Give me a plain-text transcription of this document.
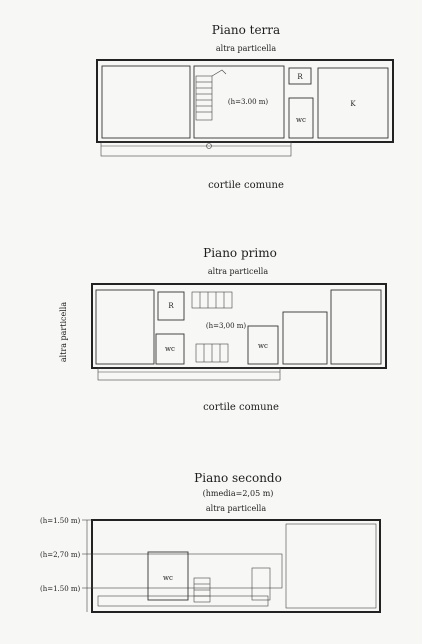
Piano terra
altra particella
(h=3.00 m)
R
wc
K
cortile comune
Piano primo
altra particella
altra particella	R
wc
(h=3,00 m)
wc
cortile comune
Piano secondo
(hmedia=2,05 m)
altra particella
(h=1.50 m)
(h=2,70 m)
(h=1.50 m)
wc
